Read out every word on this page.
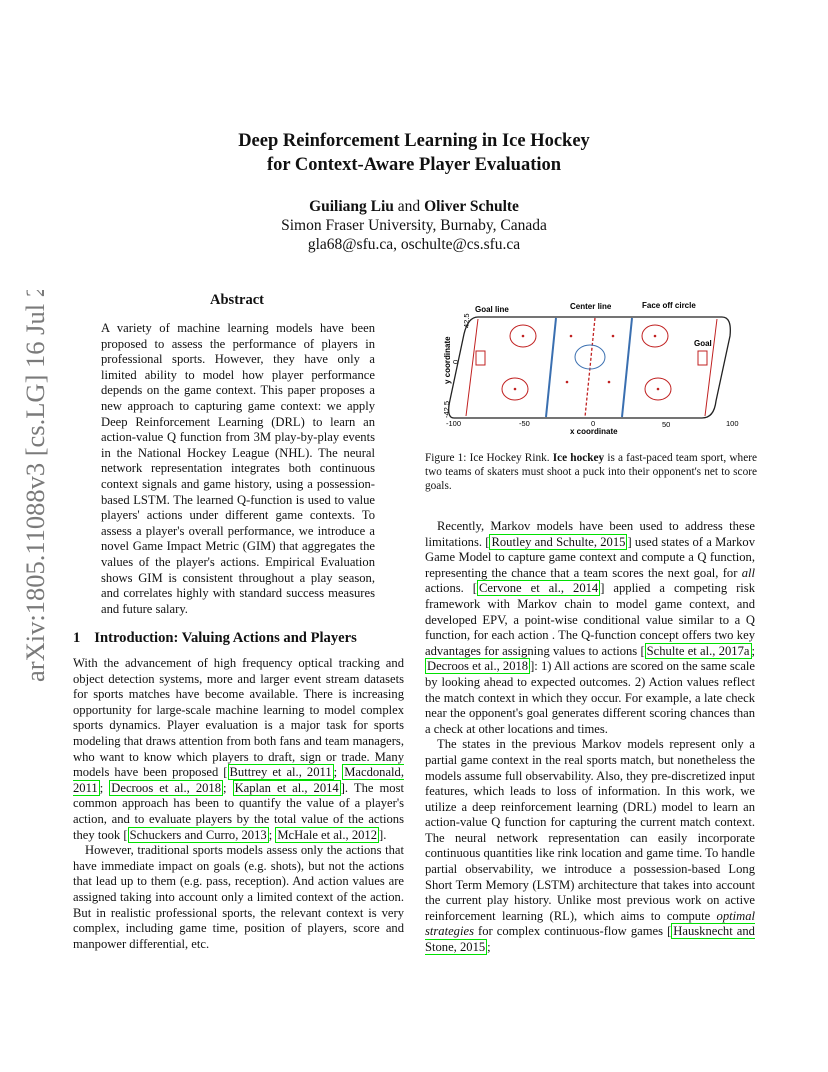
arXiv:1805.11088v3 [cs.LG] 16 Jul 2018
Deep Reinforcement Learning in Ice Hockey
for Context-Aware Player Evaluation
Guiliang Liu and Oliver Schulte
Simon Fraser University, Burnaby, Canada
gla68@sfu.ca, oschulte@cs.sfu.ca
Abstract

A variety of machine learning models have been proposed to assess the performance of players in professional sports. However, they have only a limited ability to model how player performance depends on the game context. This paper proposes a new approach to capturing game context: we apply Deep Reinforcement Learning (DRL) to learn an action-value Q function from 3M play-by-play events in the National Hockey League (NHL). The neural network representation integrates both continuous context signals and game history, using a possession-based LSTM. The learned Q-function is used to value players' actions under different game contexts. To assess a player's overall performance, we introduce a novel Game Impact Metric (GIM) that aggregates the values of the player's actions. Empirical Evaluation shows GIM is consistent throughout a play season, and correlates highly with standard success measures and future salary.

1 Introduction: Valuing Actions and Players

With the advancement of high frequency optical tracking and object detection systems, more and larger event stream datasets for sports matches have become available. There is increasing opportunity for large-scale machine learning to model complex sports dynamics. Player evaluation is a major task for sports modeling that draws attention from both fans and team managers, who want to know which players to draft, sign or trade. Many models have been proposed [ Buttrey et al., 2011 ; Macdonald, 2011 ; Decroos et al., 2018 ; Kaplan et al., 2014 ]. The most common approach has been to quantify the value of a player's action, and to evaluate players by the total value of the actions they took [ Schuckers and Curro, 2013 ; McHale et al., 2012 ].

However, traditional sports models assess only the actions that have immediate impact on goals (e.g. shots), but not the actions that lead up to them (e.g. pass, reception). And action values are assigned taking into account only a limited context of the action. But in realistic professional sports, the relevant context is very complex, including game time, position of players, score and manpower differential, etc.

Goal line	Center line	Face off circle
Goal
42.5
y coordinate 0
-42.5
-100	-50	0	50	100
x coordinate
Figure 1: Ice Hockey Rink. Ice hockey is a fast-paced team sport, where two teams of skaters must shoot a puck into their opponent's net to score goals.

Recently, Markov models have been used to address these limitations. [ Routley and Schulte, 2015 ] used states of a Markov Game Model to capture game context and compute a Q function, representing the chance that a team scores the next goal, for all actions. [ Cervone et al., 2014 ] applied a competing risk framework with Markov chain to model game context, and developed EPV, a point-wise conditional value similar to a Q function, for each action . The Q-function concept offers two key advantages for assigning values to actions [ Schulte et al., 2017a ; Decroos et al., 2018 ]: 1) All actions are scored on the same scale by looking ahead to expected outcomes. 2) Action values reflect the match context in which they occur. For example, a late check near the opponent's goal generates different scoring chances than a check at other locations and times.

The states in the previous Markov models represent only a partial game context in the real sports match, but nonetheless the models assume full observability. Also, they pre-discretized input features, which leads to loss of information. In this work, we utilize a deep reinforcement learning (DRL) model to learn an action-value Q function for capturing the current match context. The neural network representation can easily incorporate continuous quantities like rink location and game time. To handle partial observability, we introduce a possession-based Long Short Term Memory (LSTM) architecture that takes into account the current play history. Unlike most previous work on active reinforcement learning (RL), which aims to compute optimal strategies for complex continuous-flow games [ Hausknecht and Stone, 2015 ;
